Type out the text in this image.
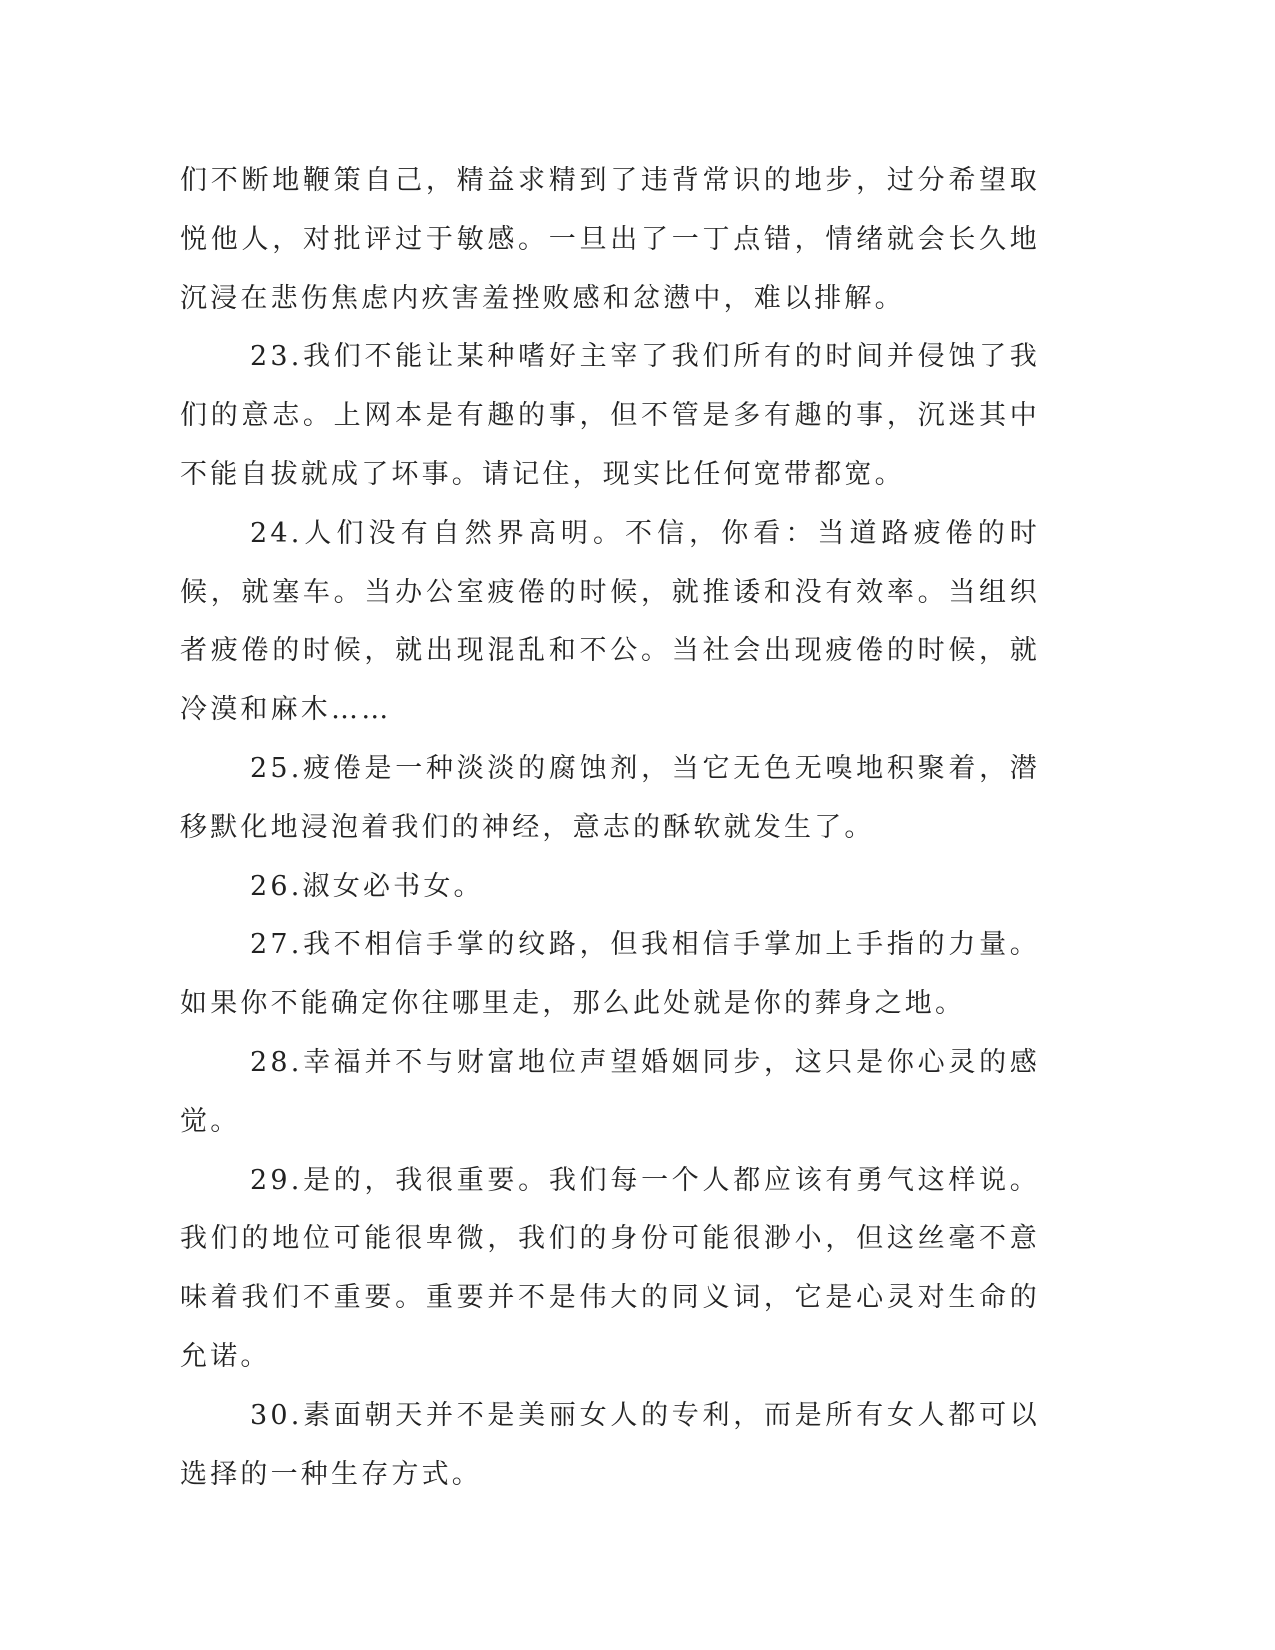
们不断地鞭策自己，精益求精到了违背常识的地步，过分希望取悦他人，对批评过于敏感。一旦出了一丁点错，情绪就会长久地沉浸在悲伤焦虑内疚害羞挫败感和忿懑中，难以排解。

23.我们不能让某种嗜好主宰了我们所有的时间并侵蚀了我们的意志。上网本是有趣的事，但不管是多有趣的事，沉迷其中不能自拔就成了坏事。请记住，现实比任何宽带都宽。

24.人们没有自然界高明。不信，你看：当道路疲倦的时候，就塞车。当办公室疲倦的时候，就推诿和没有效率。当组织者疲倦的时候，就出现混乱和不公。当社会出现疲倦的时候，就冷漠和麻木……

25.疲倦是一种淡淡的腐蚀剂，当它无色无嗅地积聚着，潜移默化地浸泡着我们的神经，意志的酥软就发生了。

26.淑女必书女。

27.我不相信手掌的纹路，但我相信手掌加上手指的力量。如果你不能确定你往哪里走，那么此处就是你的葬身之地。

28.幸福并不与财富地位声望婚姻同步，这只是你心灵的感觉。

29.是的，我很重要。我们每一个人都应该有勇气这样说。我们的地位可能很卑微，我们的身份可能很渺小，但这丝毫不意味着我们不重要。重要并不是伟大的同义词，它是心灵对生命的允诺。

30.素面朝天并不是美丽女人的专利，而是所有女人都可以选择的一种生存方式。
